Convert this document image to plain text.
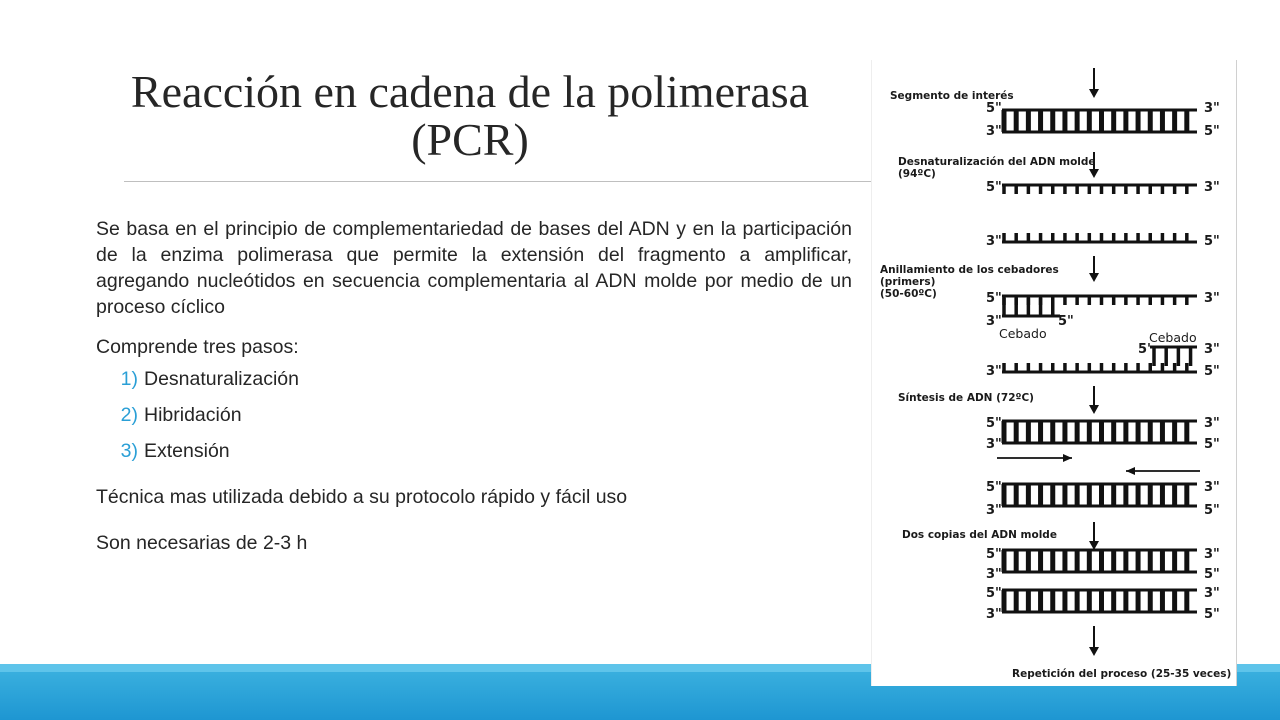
Reacción en cadena de la polimerasa
(PCR)

Se basa en el principio de complementariedad de bases del ADN y en la participación de la enzima polimerasa que permite la extensión del fragmento a amplificar, agregando nucleótidos en secuencia complementaria al ADN molde por medio de un proceso cíclico

Comprende tres pasos:

1) Desnaturalización
2) Hibridación
3) Extensión

Técnica mas utilizada debido a su protocolo rápido y fácil uso

Son necesarias de 2-3 h

Segmento de interés
Desnaturalización del ADN molde
(94ºC)
Anillamiento de los cebadores
(primers)
(50-60ºC)
Síntesis de ADN (72ºC)
Dos copias del ADN molde
Repetición del proceso (25-35 veces)
Cebado	Cebado
5"	3"
3"	5"
5"	3"
3"	5"
5"	3"
3"	5"
5'	3"
3"	5"
5"	3"
3"	5"
5"	3"
3"	5"
5"	3"
3"	5"
5"	3"
3"	5"
